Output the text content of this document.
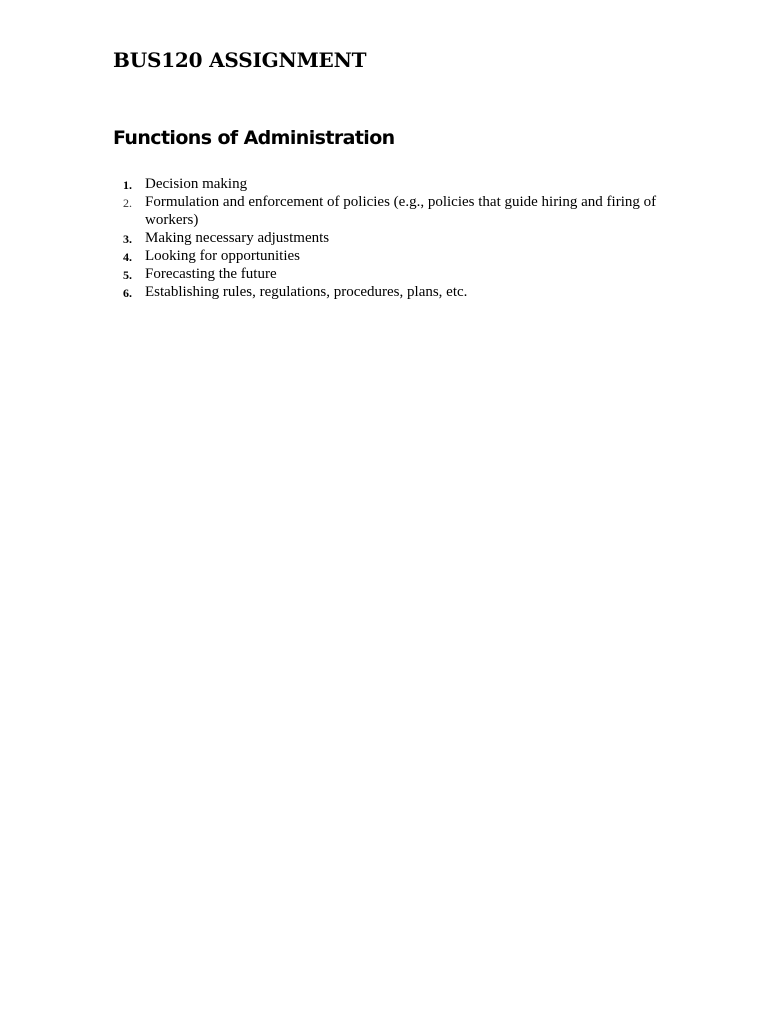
BUS120 ASSIGNMENT
Functions of Administration
1. Decision making
2. Formulation and enforcement of policies (e.g., policies that guide hiring and firing of workers)
3. Making necessary adjustments
4. Looking for opportunities
5. Forecasting the future
6. Establishing rules, regulations, procedures, plans, etc.
